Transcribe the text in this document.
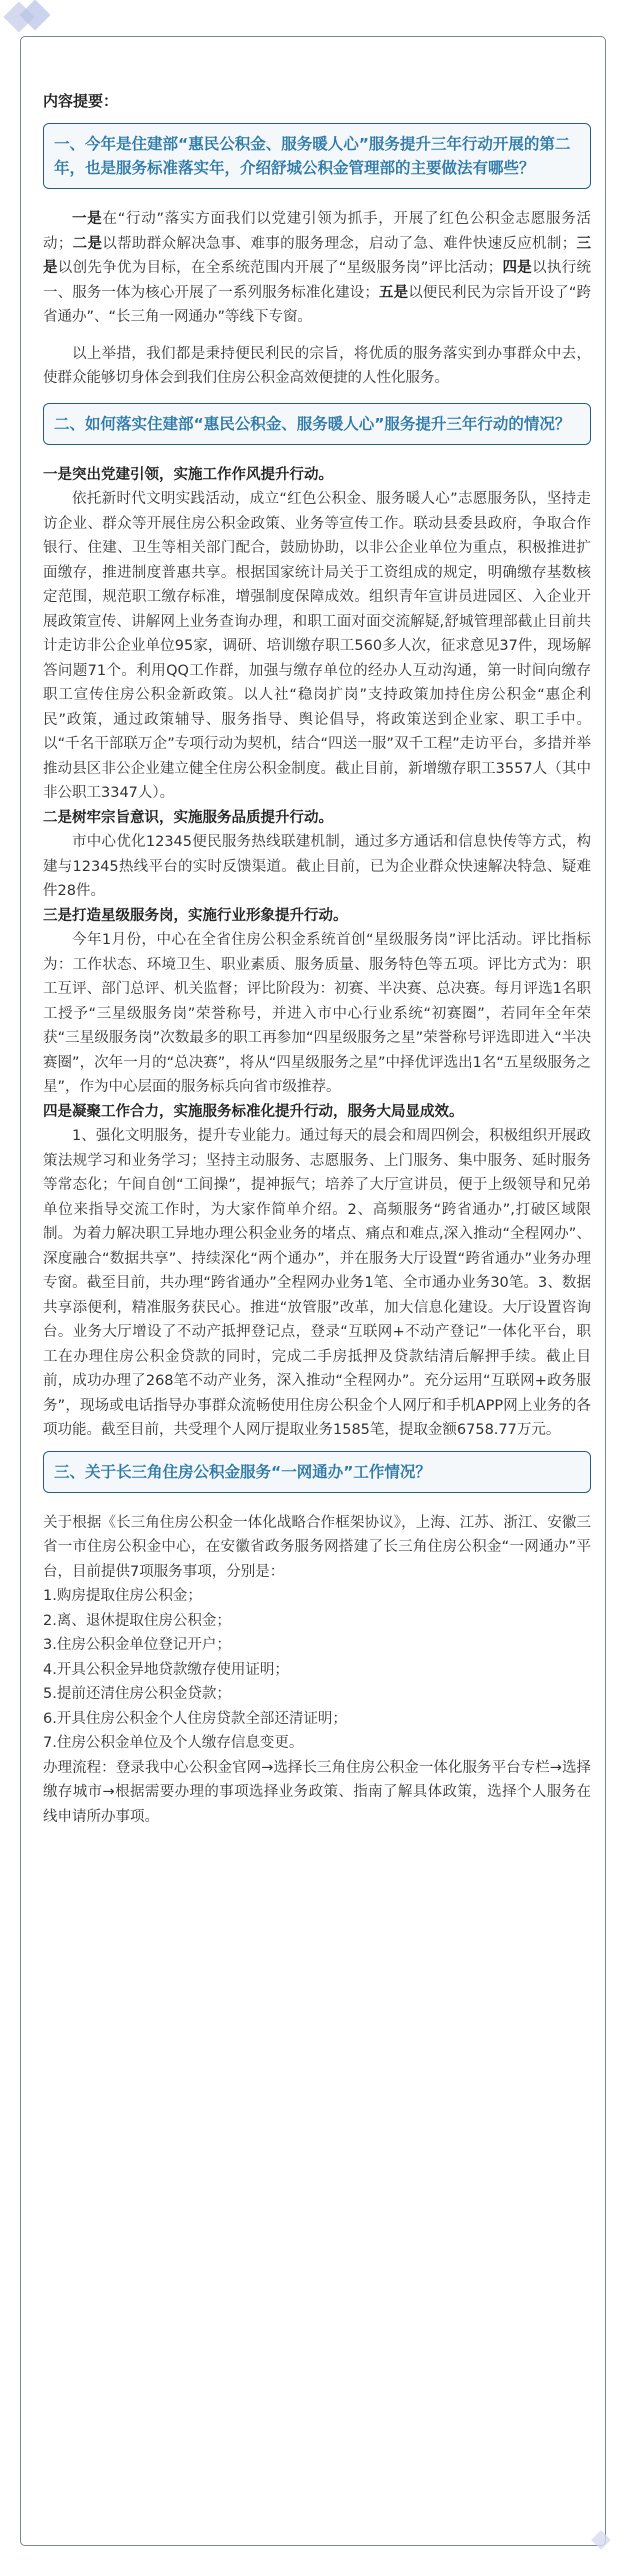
内容提要：
一、今年是住建部“惠民公积金、服务暖人心”服务提升三年行动开展的第二年，也是服务标准落实年，介绍舒城公积金管理部的主要做法有哪些？

一是在“行动”落实方面我们以党建引领为抓手，开展了红色公积金志愿服务活动；二是以帮助群众解决急事、难事的服务理念，启动了急、难件快速反应机制；三是以创先争优为目标，在全系统范围内开展了“星级服务岗”评比活动；四是以执行统一、服务一体为核心开展了一系列服务标准化建设；五是以便民利民为宗旨开设了“跨省通办”、“长三角一网通办”等线下专窗。

以上举措，我们都是秉持便民利民的宗旨，将优质的服务落实到办事群众中去，使群众能够切身体会到我们住房公积金高效便捷的人性化服务。

二、如何落实住建部“惠民公积金、服务暖人心”服务提升三年行动的情况？

一是突出党建引领，实施工作作风提升行动。

依托新时代文明实践活动，成立“红色公积金、服务暖人心”志愿服务队，坚持走访企业、群众等开展住房公积金政策、业务等宣传工作。联动县委县政府，争取合作银行、住建、卫生等相关部门配合，鼓励协助，以非公企业单位为重点，积极推进扩面缴存，推进制度普惠共享。根据国家统计局关于工资组成的规定，明确缴存基数核定范围，规范职工缴存标准，增强制度保障成效。组织青年宣讲员进园区、入企业开展政策宣传、讲解网上业务查询办理，和职工面对面交流解疑,舒城管理部截止目前共计走访非公企业单位95家，调研、培训缴存职工560多人次，征求意见37件，现场解答问题71个。利用QQ工作群，加强与缴存单位的经办人互动沟通，第一时间向缴存职工宣传住房公积金新政策。以人社“稳岗扩岗”支持政策加持住房公积金“惠企利民”政策，通过政策辅导、服务指导、舆论倡导，将政策送到企业家、职工手中。以“千名干部联万企”专项行动为契机，结合“四送一服”双千工程”走访平台，多措并举推动县区非公企业建立健全住房公积金制度。截止目前，新增缴存职工3557人（其中非公职工3347人）。

二是树牢宗旨意识，实施服务品质提升行动。

市中心优化12345便民服务热线联建机制，通过多方通话和信息快传等方式，构建与12345热线平台的实时反馈渠道。截止目前，已为企业群众快速解决特急、疑难件28件。

三是打造星级服务岗，实施行业形象提升行动。

今年1月份，中心在全省住房公积金系统首创“星级服务岗”评比活动。评比指标为：工作状态、环境卫生、职业素质、服务质量、服务特色等五项。评比方式为：职工互评、部门总评、机关监督；评比阶段为：初赛、半决赛、总决赛。每月评选1名职工授予“三星级服务岗”荣誉称号，并进入市中心行业系统“初赛圈”，若同年全年荣获“三星级服务岗”次数最多的职工再参加“四星级服务之星”荣誉称号评选即进入“半决赛圈”，次年一月的“总决赛”，将从“四星级服务之星”中择优评选出1名“五星级服务之星”，作为中心层面的服务标兵向省市级推荐。

四是凝聚工作合力，实施服务标准化提升行动，服务大局显成效。

1、强化文明服务，提升专业能力。通过每天的晨会和周四例会，积极组织开展政策法规学习和业务学习；坚持主动服务、志愿服务、上门服务、集中服务、延时服务等常态化；午间自创“工间操”，提神振气；培养了大厅宣讲员，便于上级领导和兄弟单位来指导交流工作时，为大家作简单介绍。2、高频服务“跨省通办”,打破区域限制。为着力解决职工异地办理公积金业务的堵点、痛点和难点,深入推动“全程网办”、深度融合“数据共享”、持续深化“两个通办”，并在服务大厅设置“跨省通办”业务办理专窗。截至目前，共办理“跨省通办”全程网办业务1笔、全市通办业务30笔。3、数据共享添便利，精准服务获民心。推进“放管服”改革，加大信息化建设。大厅设置咨询台。业务大厅增设了不动产抵押登记点，登录“互联网+不动产登记”一体化平台，职工在办理住房公积金贷款的同时，完成二手房抵押及贷款结清后解押手续。截止目前，成功办理了268笔不动产业务，深入推动“全程网办”。充分运用“互联网+政务服务”，现场或电话指导办事群众流畅使用住房公积金个人网厅和手机APP网上业务的各项功能。截至目前，共受理个人网厅提取业务1585笔，提取金额6758.77万元。

三、关于长三角住房公积金服务“一网通办”工作情况？

关于根据《长三角住房公积金一体化战略合作框架协议》，上海、江苏、浙江、安徽三省一市住房公积金中心，在安徽省政务服务网搭建了长三角住房公积金“一网通办”平台，目前提供7项服务事项，分别是：

1.购房提取住房公积金；

2.离、退休提取住房公积金；

3.住房公积金单位登记开户；

4.开具公积金异地贷款缴存使用证明；

5.提前还清住房公积金贷款；

6.开具住房公积金个人住房贷款全部还清证明；

7.住房公积金单位及个人缴存信息变更。

办理流程：登录我中心公积金官网→选择长三角住房公积金一体化服务平台专栏→选择缴存城市→根据需要办理的事项选择业务政策、指南了解具体政策，选择个人服务在线申请所办事项。
